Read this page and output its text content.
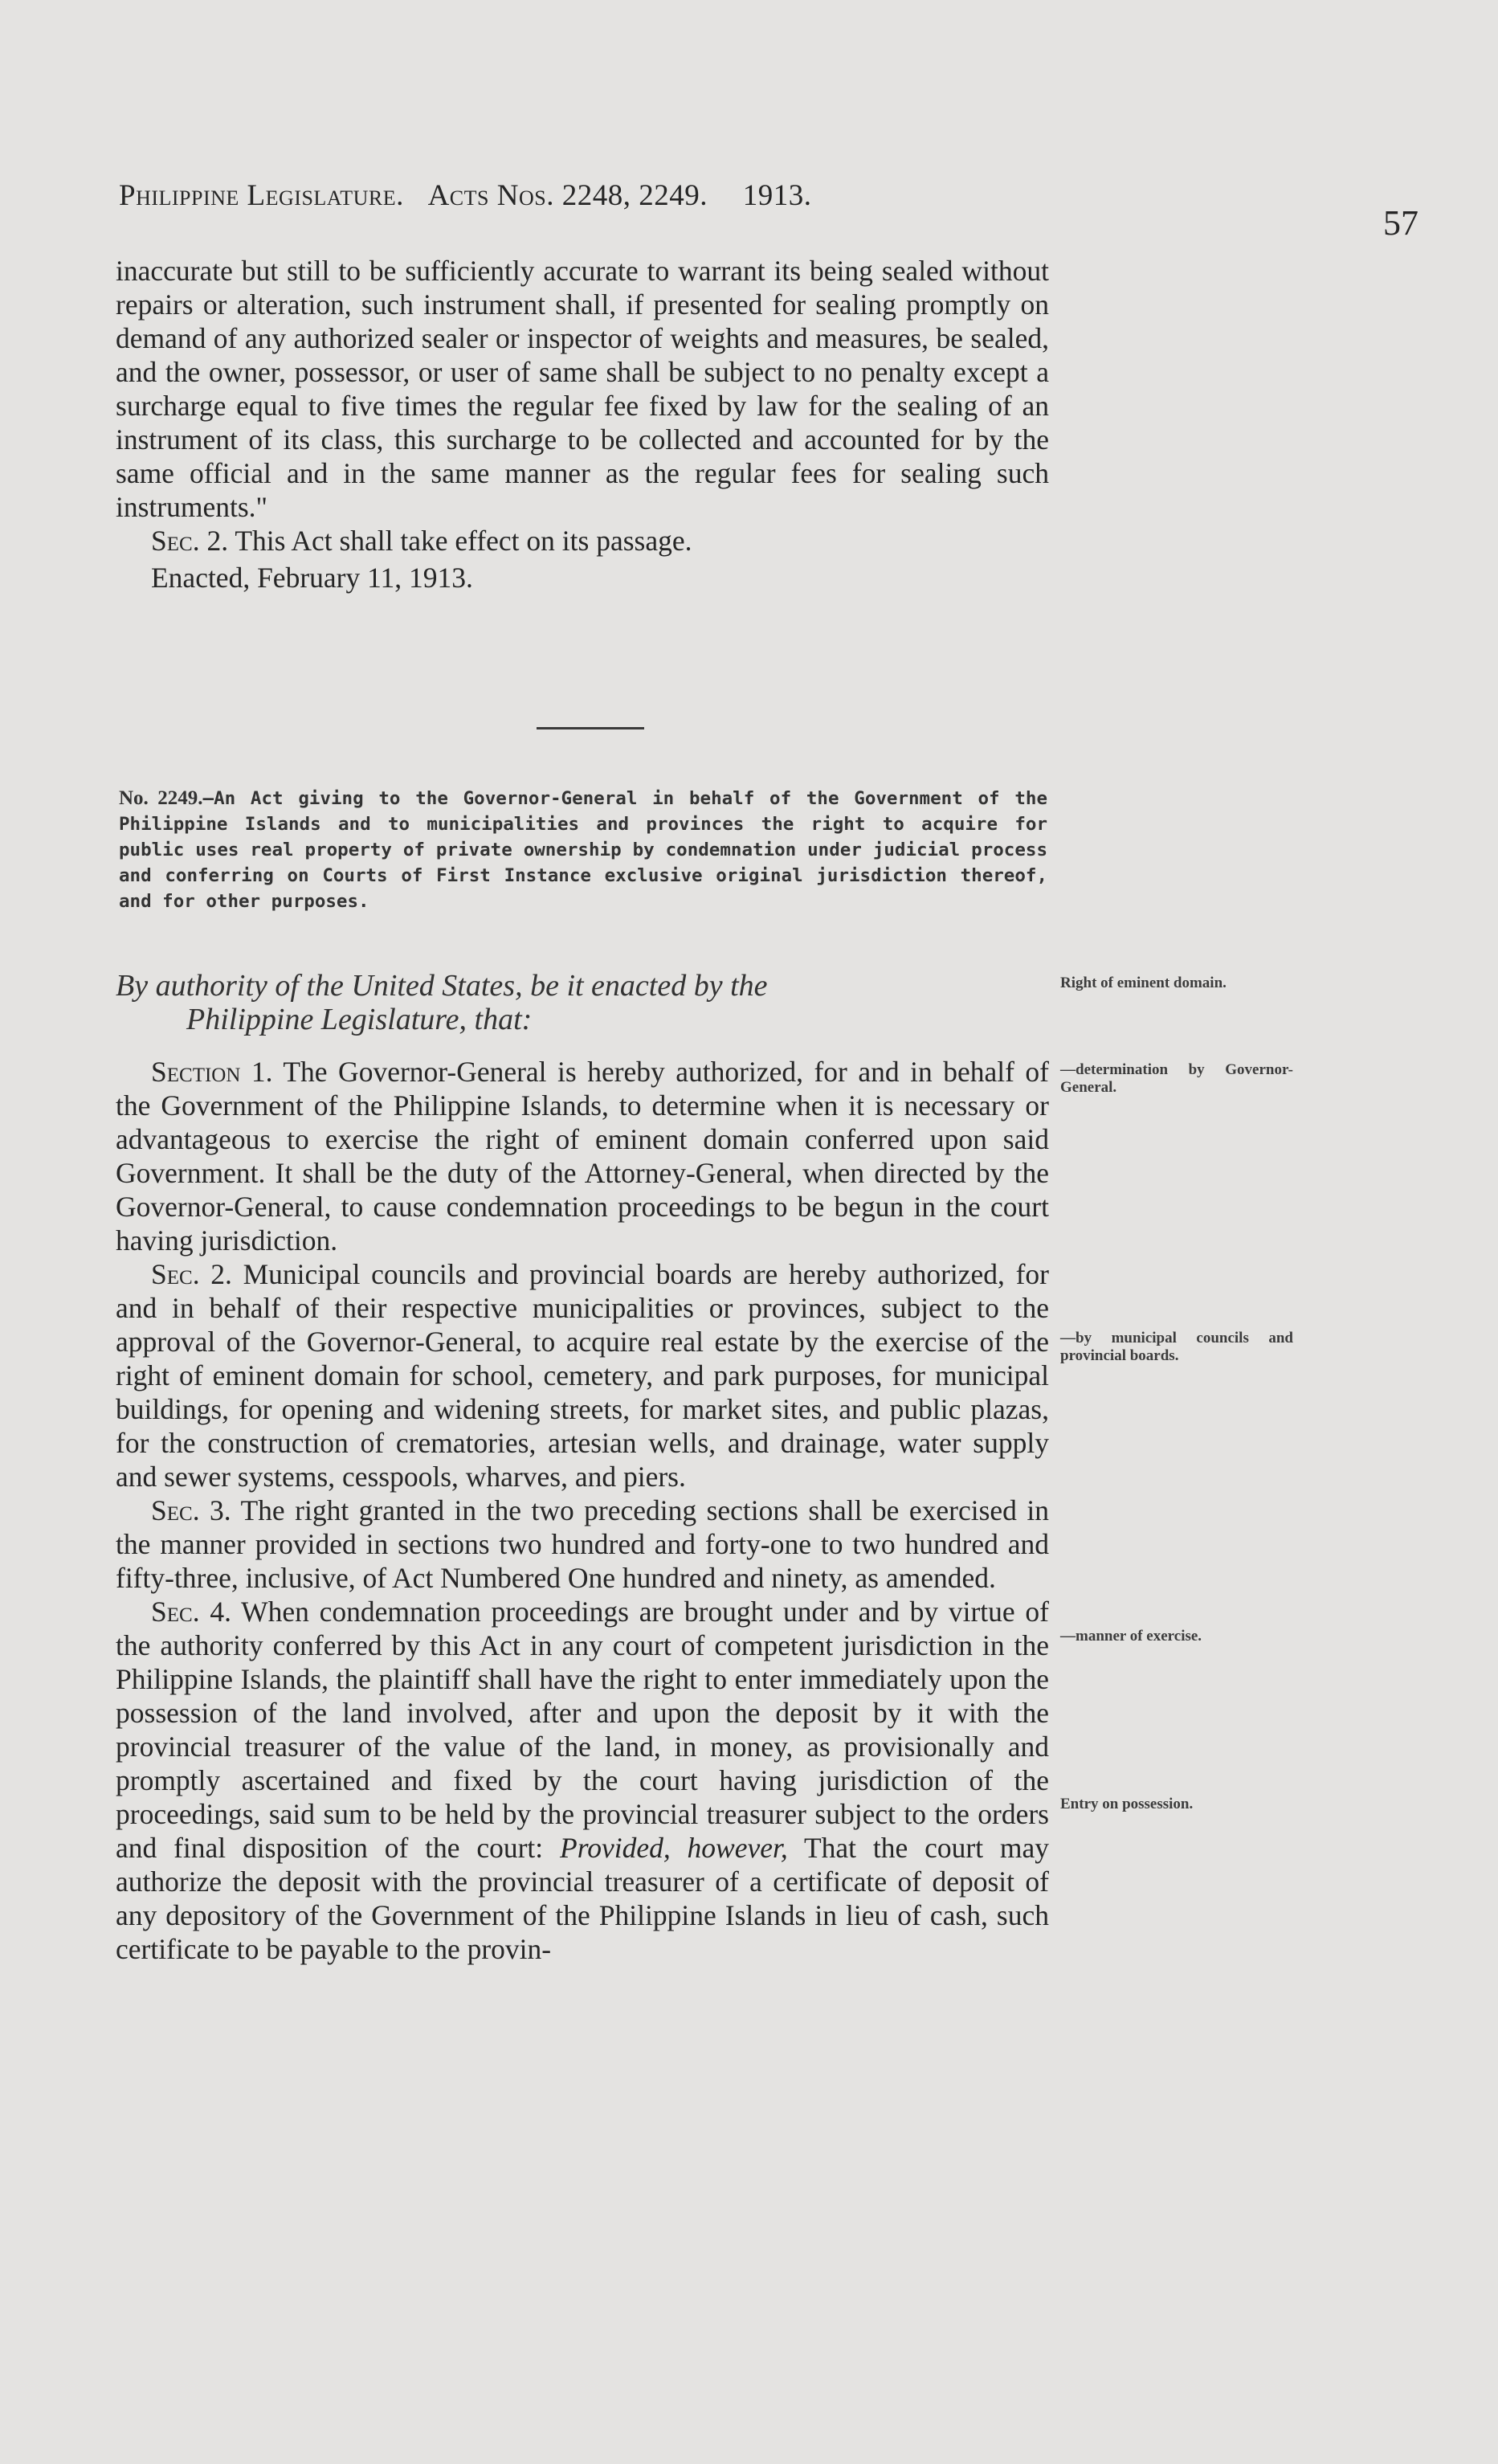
Philippine Legislature. Acts Nos. 2248, 2249. 1913.
57

inaccurate but still to be sufficiently accurate to warrant its being sealed without repairs or alteration, such instrument shall, if presented for sealing promptly on demand of any authorized sealer or inspector of weights and measures, be sealed, and the owner, possessor, or user of same shall be subject to no penalty except a surcharge equal to five times the regular fee fixed by law for the sealing of an instrument of its class, this surcharge to be collected and accounted for by the same official and in the same manner as the regular fees for sealing such instruments."

Sec. 2. This Act shall take effect on its passage.

Enacted, February 11, 1913.

No. 2249.—An Act giving to the Governor-General in behalf of the Government of the Philippine Islands and to municipalities and provinces the right to acquire for public uses real property of private ownership by condemnation under judicial process and conferring on Courts of First Instance exclusive original jurisdiction thereof, and for other purposes.
By authority of the United States, be it enacted by the
Philippine Legislature, that:

Section 1. The Governor-General is hereby authorized, for and in behalf of the Government of the Philippine Islands, to determine when it is necessary or advantageous to exercise the right of eminent domain conferred upon said Government. It shall be the duty of the Attorney-General, when directed by the Governor-General, to cause condemnation proceedings to be begun in the court having jurisdiction.

Sec. 2. Municipal councils and provincial boards are hereby authorized, for and in behalf of their respective municipalities or provinces, subject to the approval of the Governor-General, to acquire real estate by the exercise of the right of eminent domain for school, cemetery, and park purposes, for municipal buildings, for opening and widening streets, for market sites, and public plazas, for the construction of crematories, artesian wells, and drainage, water supply and sewer systems, cesspools, wharves, and piers.

Sec. 3. The right granted in the two preceding sections shall be exercised in the manner provided in sections two hundred and forty-one to two hundred and fifty-three, inclusive, of Act Numbered One hundred and ninety, as amended.

Sec. 4. When condemnation proceedings are brought under and by virtue of the authority conferred by this Act in any court of competent jurisdiction in the Philippine Islands, the plaintiff shall have the right to enter immediately upon the possession of the land involved, after and upon the deposit by it with the provincial treasurer of the value of the land, in money, as provisionally and promptly ascertained and fixed by the court having jurisdiction of the proceedings, said sum to be held by the provincial treasurer subject to the orders and final disposition of the court: Provided, however, That the court may authorize the deposit with the provincial treasurer of a certificate of deposit of any depository of the Government of the Philippine Islands in lieu of cash, such certificate to be payable to the provin-

Right of eminent domain.
—determination by Governor-General.
—by municipal councils and provincial boards.
—manner of exercise.
Entry on possession.
